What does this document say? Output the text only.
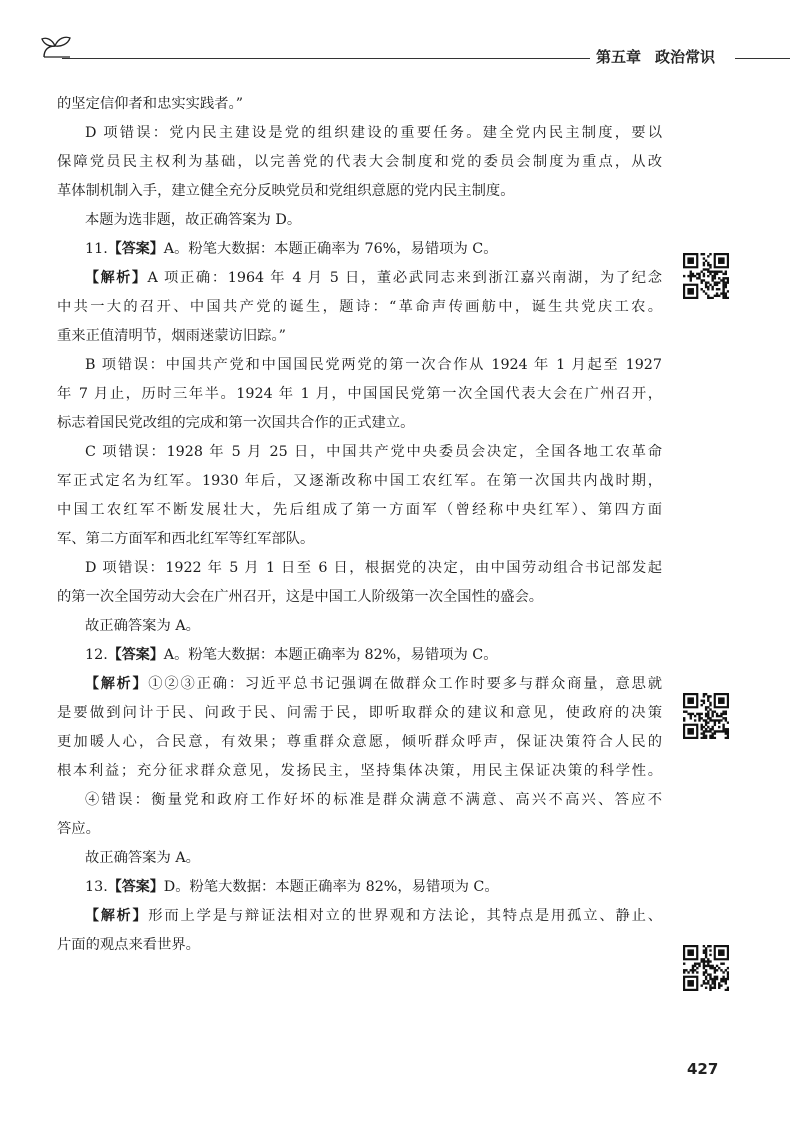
第五章 政治常识
的坚定信仰者和忠实实践者。”
D 项错误：党内民主建设是党的组织建设的重要任务。建全党内民主制度，要以
保障党员民主权利为基础，以完善党的代表大会制度和党的委员会制度为重点，从改
革体制机制入手，建立健全充分反映党员和党组织意愿的党内民主制度。
本题为选非题，故正确答案为 D。
11.【答案】A。粉笔大数据：本题正确率为 76%，易错项为 C。
【解析】A 项正确：1964 年 4 月 5 日，董必武同志来到浙江嘉兴南湖，为了纪念
中共一大的召开、中国共产党的诞生，题诗：“革命声传画舫中，诞生共党庆工农。
重来正值清明节，烟雨迷蒙访旧踪。”
B 项错误：中国共产党和中国国民党两党的第一次合作从 1924 年 1 月起至 1927
年 7 月止，历时三年半。1924 年 1 月，中国国民党第一次全国代表大会在广州召开，
标志着国民党改组的完成和第一次国共合作的正式建立。
C 项错误：1928 年 5 月 25 日，中国共产党中央委员会决定，全国各地工农革命
军正式定名为红军。1930 年后，又逐渐改称中国工农红军。在第一次国共内战时期，
中国工农红军不断发展壮大，先后组成了第一方面军（曾经称中央红军）、第四方面
军、第二方面军和西北红军等红军部队。
D 项错误：1922 年 5 月 1 日至 6 日，根据党的决定，由中国劳动组合书记部发起
的第一次全国劳动大会在广州召开，这是中国工人阶级第一次全国性的盛会。
故正确答案为 A。
12.【答案】A。粉笔大数据：本题正确率为 82%，易错项为 C。
【解析】①②③正确：习近平总书记强调在做群众工作时要多与群众商量，意思就
是要做到问计于民、问政于民、问需于民，即听取群众的建议和意见，使政府的决策
更加暖人心，合民意，有效果；尊重群众意愿，倾听群众呼声，保证决策符合人民的
根本利益；充分征求群众意见，发扬民主，坚持集体决策，用民主保证决策的科学性。
④错误：衡量党和政府工作好坏的标准是群众满意不满意、高兴不高兴、答应不
答应。
故正确答案为 A。
13.【答案】D。粉笔大数据：本题正确率为 82%，易错项为 C。
【解析】形而上学是与辩证法相对立的世界观和方法论，其特点是用孤立、静止、
片面的观点来看世界。
427
